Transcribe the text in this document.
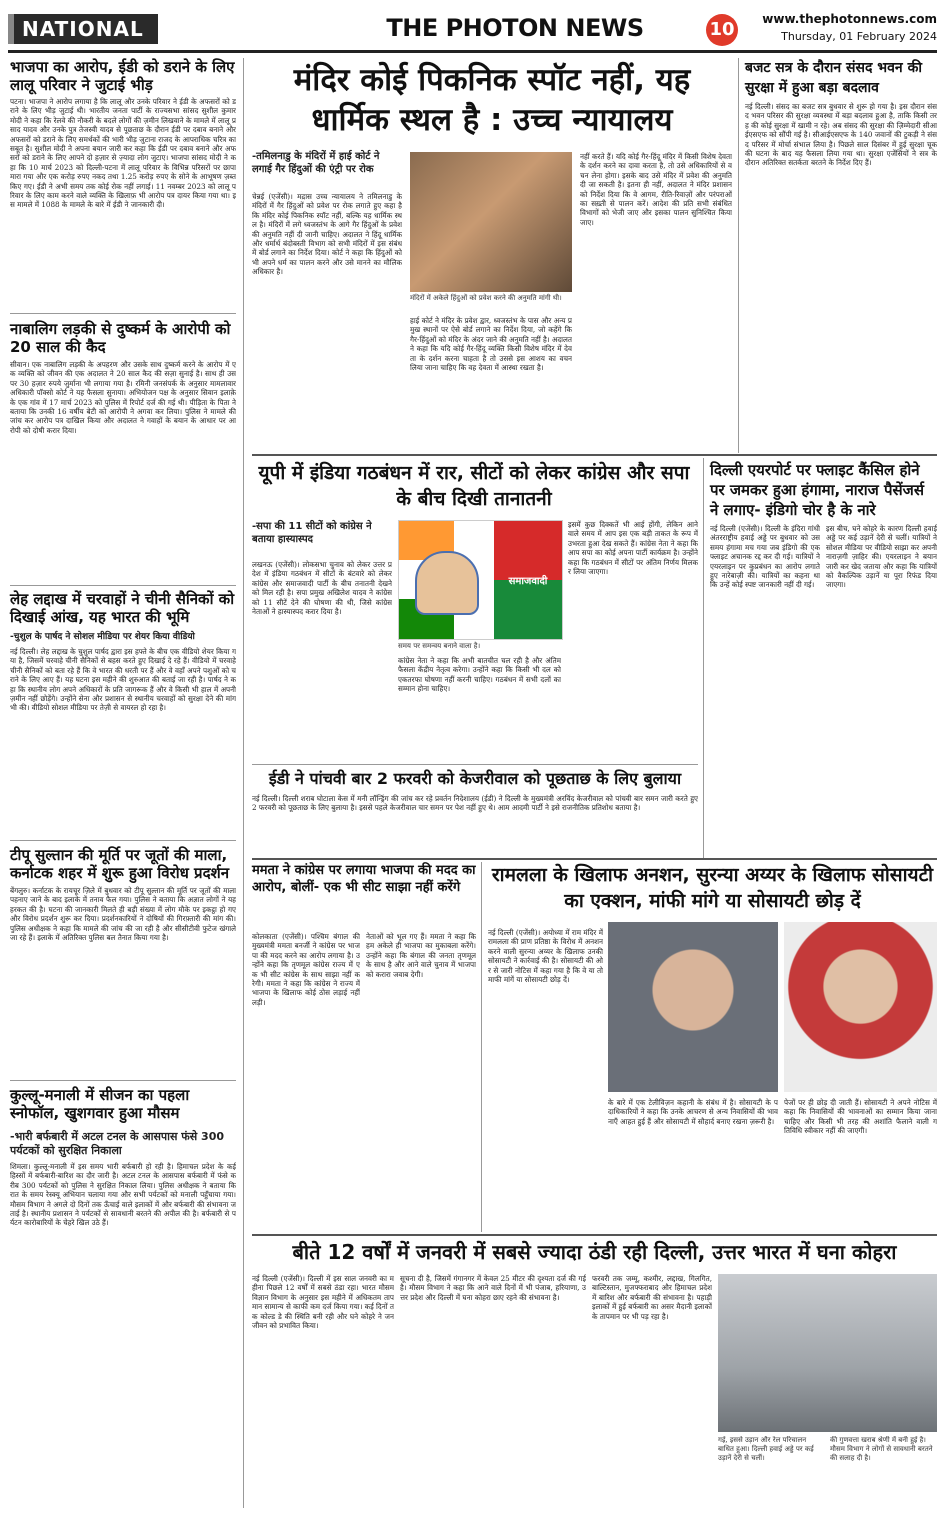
NATIONAL	THE PHOTON NEWS	10	www.thephotonnews.com
Thursday, 01 February 2024
भाजपा का आरोप, ईडी को डराने के लिए लालू परिवार ने जुटाई भीड़
पटना। भाजपा ने आरोप लगाया है कि लालू और उनके परिवार ने ईडी के अफसरों को डराने के लिए भीड़ जुटाई थी। भारतीय जनता पार्टी के राज्यसभा सांसद सुशील कुमार मोदी ने कहा कि रेलवे की नौकरी के बदले लोगों की ज़मीन लिखवाने के मामले में लालू प्रसाद यादव और उनके पुत्र तेजस्वी यादव से पूछताछ के दौरान ईडी पर दबाव बनाने और अफसरों को डराने के लिए समर्थकों की भारी भीड़ जुटाना राजद के आपराधिक चरित्र का सबूत है। सुशील मोदी ने अपना बयान जारी कर कहा कि ईडी पर दबाव बनाने और अफसरों को डराने के लिए आपने दो हज़ार से ज़्यादा लोग जुटाए। भाजपा सांसद मोदी ने कहा कि 10 मार्च 2023 को दिल्ली-पटना में लालू परिवार के विभिन्न परिसरों पर छापा मारा गया और एक करोड़ रुपए नकद तथा 1.25 करोड़ रुपए के सोने के आभूषण ज़ब्त किए गए। ईडी ने अभी समय तक कोई रोक नहीं लगाई। 11 नवम्बर 2023 को लालू परिवार के लिए काम करने वाले व्यक्ति के खिलाफ़ भी आरोप पत्र दायर किया गया था। इस मामले में 1088 के मामले के बारे में ईडी ने जानकारी दी।
नाबालिग लड़की से दुष्कर्म के आरोपी को 20 साल की कैद
सीवान। एक नाबालिग लड़की के अपहरण और उसके साथ दुष्कर्म करने के आरोप में एक व्यक्ति को जीवन की एक अदालत ने 20 साल कैद की सज़ा सुनाई है। साथ ही उस पर 30 हज़ार रुपये जुर्माना भी लगाया गया है। रमिनी जनसंपर्क के अनुसार मामलावार अधिकारी पॉक्सो कोर्ट ने यह फैसला सुनाया। अभियोजन पक्ष के अनुसार सिवान इलाक़े के एक गांव में 17 मार्च 2023 को पुलिस में रिपोर्ट दर्ज की गई थी। पीड़िता के पिता ने बताया कि उनकी 16 वर्षीय बेटी को आरोपी ने अगवा कर लिया। पुलिस ने मामले की जांच कर आरोप पत्र दाखिल किया और अदालत ने गवाहों के बयान के आधार पर आरोपी को दोषी करार दिया।
लेह लद्दाख में चरवाहों ने चीनी सैनिकों को दिखाई आंख, यह भारत की भूमि
-चुशुल के पार्षद ने सोशल मीडिया पर शेयर किया वीडियो
नई दिल्ली। लेह लद्दाख के चुशुल पार्षद द्वारा इस हफ्ते के बीच एक वीडियो शेयर किया गया है, जिसमें चरवाहे चीनी सैनिकों से बहस करते हुए दिखाई दे रहे हैं। वीडियो में चरवाहे चीनी सैनिकों को बता रहे हैं कि वे भारत की धरती पर हैं और वे वहाँ अपने पशुओं को चराने के लिए आए हैं। यह घटना इस महीने की शुरुआत की बताई जा रही है। पार्षद ने कहा कि स्थानीय लोग अपने अधिकारों के प्रति जागरूक हैं और वे किसी भी हाल में अपनी ज़मीन नहीं छोड़ेंगे। उन्होंने सेना और प्रशासन से स्थानीय चरवाहों को सुरक्षा देने की मांग भी की। वीडियो सोशल मीडिया पर तेज़ी से वायरल हो रहा है।
टीपू सुल्तान की मूर्ति पर जूतों की माला, कर्नाटक शहर में शुरू हुआ विरोध प्रदर्शन
बेंगलुरु। कर्नाटक के रायचूर ज़िले में बुधवार को टीपू सुल्तान की मूर्ति पर जूतों की माला पहनाए जाने के बाद इलाके में तनाव फैल गया। पुलिस ने बताया कि अज्ञात लोगों ने यह हरकत की है। घटना की जानकारी मिलते ही बड़ी संख्या में लोग मौके पर इकट्ठा हो गए और विरोध प्रदर्शन शुरू कर दिया। प्रदर्शनकारियों ने दोषियों की गिरफ़्तारी की मांग की। पुलिस अधीक्षक ने कहा कि मामले की जांच की जा रही है और सीसीटीवी फुटेज खंगाले जा रहे हैं। इलाके में अतिरिक्त पुलिस बल तैनात किया गया है।
कुल्लू-मनाली में सीजन का पहला स्नोफॉल, खुशगवार हुआ मौसम
-भारी बर्फबारी में अटल टनल के आसपास फंसे 300 पर्यटकों को सुरक्षित निकाला
शिमला। कुल्लू-मनाली में इस समय भारी बर्फबारी हो रही है। हिमाचल प्रदेश के कई हिस्सों में बर्फबारी-बारिश का दौर जारी है। अटल टनल के आसपास बर्फबारी में फंसे करीब 300 पर्यटकों को पुलिस ने सुरक्षित निकाल लिया। पुलिस अधीक्षक ने बताया कि रात के समय रेस्क्यू अभियान चलाया गया और सभी पर्यटकों को मनाली पहुँचाया गया। मौसम विभाग ने अगले दो दिनों तक ऊँचाई वाले इलाकों में और बर्फबारी की संभावना जताई है। स्थानीय प्रशासन ने पर्यटकों से सावधानी बरतने की अपील की है। बर्फबारी से पर्यटन कारोबारियों के चेहरे खिल उठे हैं।
मंदिर कोई पिकनिक स्पॉट नहीं, यह धार्मिक स्थल है : उच्च न्यायालय
-तमिलनाडु के मंदिरों में हाई कोर्ट ने लगाई गैर हिंदुओं की एंट्री पर रोक
चेन्नई (एजेंसी)। मद्रास उच्च न्यायालय ने तमिलनाडु के मंदिरों में गैर हिंदुओं को प्रवेश पर रोक लगाते हुए कहा है कि मंदिर कोई पिकनिक स्पॉट नहीं, बल्कि यह धार्मिक स्थल है। मंदिरों में लगे ध्वजस्तंभ के आगे गैर हिंदुओं के प्रवेश की अनुमति नहीं दी जानी चाहिए। अदालत ने हिंदू धार्मिक और धर्मार्थ बंदोबस्ती विभाग को सभी मंदिरों में इस संबंध में बोर्ड लगाने का निर्देश दिया। कोर्ट ने कहा कि हिंदुओं को भी अपने धर्म का पालन करने और उसे मानने का मौलिक अधिकार है।
मंदिरों में अकेले हिंदुओं को प्रवेश करने की अनुमति मांगी थी।
हाई कोर्ट ने मंदिर के प्रवेश द्वार, ध्वजस्तंभ के पास और अन्य प्रमुख स्थानों पर ऐसे बोर्ड लगाने का निर्देश दिया, जो कहेंगे कि गैर-हिंदुओं को मंदिर के अंदर जाने की अनुमति नहीं है। अदालत ने कहा कि यदि कोई गैर-हिंदू व्यक्ति किसी विशेष मंदिर में देवता के दर्शन करना चाहता है तो उससे इस आशय का वचन लिया जाना चाहिए कि वह देवता में आस्था रखता है।
नहीं करते हैं। यदि कोई गैर-हिंदू मंदिर में किसी विशेष देवता के दर्शन करने का दावा करता है, तो उसे अधिकारियों से वचन लेना होगा। इसके बाद उसे मंदिर में प्रवेश की अनुमति दी जा सकती है। इतना ही नहीं, अदालत ने मंदिर प्रशासन को निर्देश दिया कि वे आगम, रीति-रिवाज़ों और परंपराओं का सख़्ती से पालन करें। आदेश की प्रति सभी संबंधित विभागों को भेजी जाए और इसका पालन सुनिश्चित किया जाए।
बजट सत्र के दौरान संसद भवन की सुरक्षा में हुआ बड़ा बदलाव
नई दिल्ली। संसद का बजट सत्र बुधवार से शुरू हो गया है। इस दौरान संसद भवन परिसर की सुरक्षा व्यवस्था में बड़ा बदलाव हुआ है, ताकि किसी तरह की कोई सुरक्षा में खामी न रहे। अब संसद की सुरक्षा की ज़िम्मेदारी सीआईएसएफ को सौंपी गई है। सीआईएसएफ के 140 जवानों की टुकड़ी ने संसद परिसर में मोर्चा संभाल लिया है। पिछले साल दिसंबर में हुई सुरक्षा चूक की घटना के बाद यह फैसला लिया गया था। सुरक्षा एजेंसियों ने सत्र के दौरान अतिरिक्त सतर्कता बरतने के निर्देश दिए हैं।
यूपी में इंडिया गठबंधन में रार, सीटों को लेकर कांग्रेस और सपा के बीच दिखी तानातनी
-सपा की 11 सीटों को कांग्रेस ने बताया हास्यास्पद
लखनऊ (एजेंसी)। लोकसभा चुनाव को लेकर उत्तर प्रदेश में इंडिया गठबंधन में सीटों के बंटवारे को लेकर कांग्रेस और समाजवादी पार्टी के बीच तनातनी देखने को मिल रही है। सपा प्रमुख अखिलेश यादव ने कांग्रेस को 11 सीटें देने की घोषणा की थी, जिसे कांग्रेस नेताओं ने हास्यास्पद करार दिया है।
समाजवादी
समय पर समन्वय बनाने वाला है।
कांग्रेस नेता ने कहा कि अभी बातचीत चल रही है और अंतिम फैसला केंद्रीय नेतृत्व करेगा। उन्होंने कहा कि किसी भी दल को एकतरफा घोषणा नहीं करनी चाहिए। गठबंधन में सभी दलों का सम्मान होना चाहिए।
इसमें कुछ दिक्कतें भी आई होंगी, लेकिन आने वाले समय में आप इस एक बड़ी ताकत के रूप में उभरता हुआ देख सकते हैं। कांग्रेस नेता ने कहा कि आप सपा का कोई अपना पार्टी कार्यक्रम है। उन्होंने कहा कि गठबंधन में सीटों पर अंतिम निर्णय मिलकर लिया जाएगा।
ईडी ने पांचवी बार 2 फरवरी को केजरीवाल को पूछताछ के लिए बुलाया
नई दिल्ली। दिल्ली शराब घोटाला केस में मनी लॉन्ड्रिंग की जांच कर रहे प्रवर्तन निदेशालय (ईडी) ने दिल्ली के मुख्यमंत्री अरविंद केजरीवाल को पांचवी बार समन जारी करते हुए 2 फरवरी को पूछताछ के लिए बुलाया है। इससे पहले केजरीवाल चार समन पर पेश नहीं हुए थे। आम आदमी पार्टी ने इसे राजनीतिक प्रतिशोध बताया है।
दिल्ली एयरपोर्ट पर फ्लाइट कैंसिल होने पर जमकर हुआ हंगामा, नाराज पैसेंजर्स ने लगाए- इंडिगो चोर है के नारे
नई दिल्ली (एजेंसी)। दिल्ली के इंदिरा गांधी अंतरराष्ट्रीय हवाई अड्डे पर बुधवार को उस समय हंगामा मच गया जब इंडिगो की एक फ्लाइट अचानक रद्द कर दी गई। यात्रियों ने एयरलाइन पर कुप्रबंधन का आरोप लगाते हुए नारेबाज़ी की। यात्रियों का कहना था कि उन्हें कोई स्पष्ट जानकारी नहीं दी गई।
इस बीच, घने कोहरे के कारण दिल्ली हवाई अड्डे पर कई उड़ानें देरी से चलीं। यात्रियों ने सोशल मीडिया पर वीडियो साझा कर अपनी नाराज़गी ज़ाहिर की। एयरलाइन ने बयान जारी कर खेद जताया और कहा कि यात्रियों को वैकल्पिक उड़ानें या पूरा रिफंड दिया जाएगा।
ममता ने कांग्रेस पर लगाया भाजपा की मदद का आरोप, बोलीं- एक भी सीट साझा नहीं करेंगे
कोलकाता (एजेंसी)। पश्चिम बंगाल की मुख्यमंत्री ममता बनर्जी ने कांग्रेस पर भाजपा की मदद करने का आरोप लगाया है। उन्होंने कहा कि तृणमूल कांग्रेस राज्य में एक भी सीट कांग्रेस के साथ साझा नहीं करेगी। ममता ने कहा कि कांग्रेस ने राज्य में भाजपा के खिलाफ कोई ठोस लड़ाई नहीं लड़ी।
नेताओं को भूल गए हैं। ममता ने कहा कि हम अकेले ही भाजपा का मुकाबला करेंगे। उन्होंने कहा कि बंगाल की जनता तृणमूल के साथ है और आने वाले चुनाव में भाजपा को करारा जवाब देगी।
रामलला के खिलाफ अनशन, सुरन्या अय्यर के खिलाफ सोसायटी का एक्शन, मांफी मांगे या सोसायटी छोड़ दें
नई दिल्ली (एजेंसी)। अयोध्या में राम मंदिर में रामलला की प्राण प्रतिष्ठा के विरोध में अनशन करने वाली सुरन्या अय्यर के खिलाफ उनकी सोसायटी ने कार्रवाई की है। सोसायटी की ओर से जारी नोटिस में कहा गया है कि वे या तो माफी मांगें या सोसायटी छोड़ दें।
के बारे में एक टेलीविज़न कहानी के संबंध में है। सोसायटी के पदाधिकारियों ने कहा कि उनके आचरण से अन्य निवासियों की भावनाएँ आहत हुई हैं और सोसायटी में सौहार्द बनाए रखना ज़रूरी है।
पेजों पर ही छोड़ दी जाती हैं। सोसायटी ने अपने नोटिस में कहा कि निवासियों की भावनाओं का सम्मान किया जाना चाहिए और किसी भी तरह की अशांति फैलाने वाली गतिविधि स्वीकार नहीं की जाएगी।
बीते 12 वर्षों में जनवरी में सबसे ज्यादा ठंडी रही दिल्ली, उत्तर भारत में घना कोहरा
नई दिल्ली (एजेंसी)। दिल्ली में इस साल जनवरी का महीना पिछले 12 वर्षों में सबसे ठंडा रहा। भारत मौसम विज्ञान विभाग के अनुसार इस महीने में अधिकतम तापमान सामान्य से काफी कम दर्ज किया गया। कई दिनों तक कोल्ड डे की स्थिति बनी रही और घने कोहरे ने जनजीवन को प्रभावित किया।
सूचना दी है, जिसमें गंगानगर में केवल 25 मीटर की दृश्यता दर्ज की गई है। मौसम विभाग ने कहा कि आने वाले दिनों में भी पंजाब, हरियाणा, उत्तर प्रदेश और दिल्ली में घना कोहरा छाए रहने की संभावना है।
फरवरी तक जम्मू, कश्मीर, लद्दाख, गिलगित, बाल्टिस्तान, मुजफ्फराबाद और हिमाचल प्रदेश में बारिश और बर्फबारी की संभावना है। पहाड़ी इलाकों में हुई बर्फबारी का असर मैदानी इलाकों के तापमान पर भी पड़ रहा है।
गई, इससे उड़ान और रेल परिचालन बाधित हुआ। दिल्ली हवाई अड्डे पर कई उड़ानें देरी से चलीं।
की गुणवत्ता खराब श्रेणी में बनी हुई है। मौसम विभाग ने लोगों से सावधानी बरतने की सलाह दी है।
